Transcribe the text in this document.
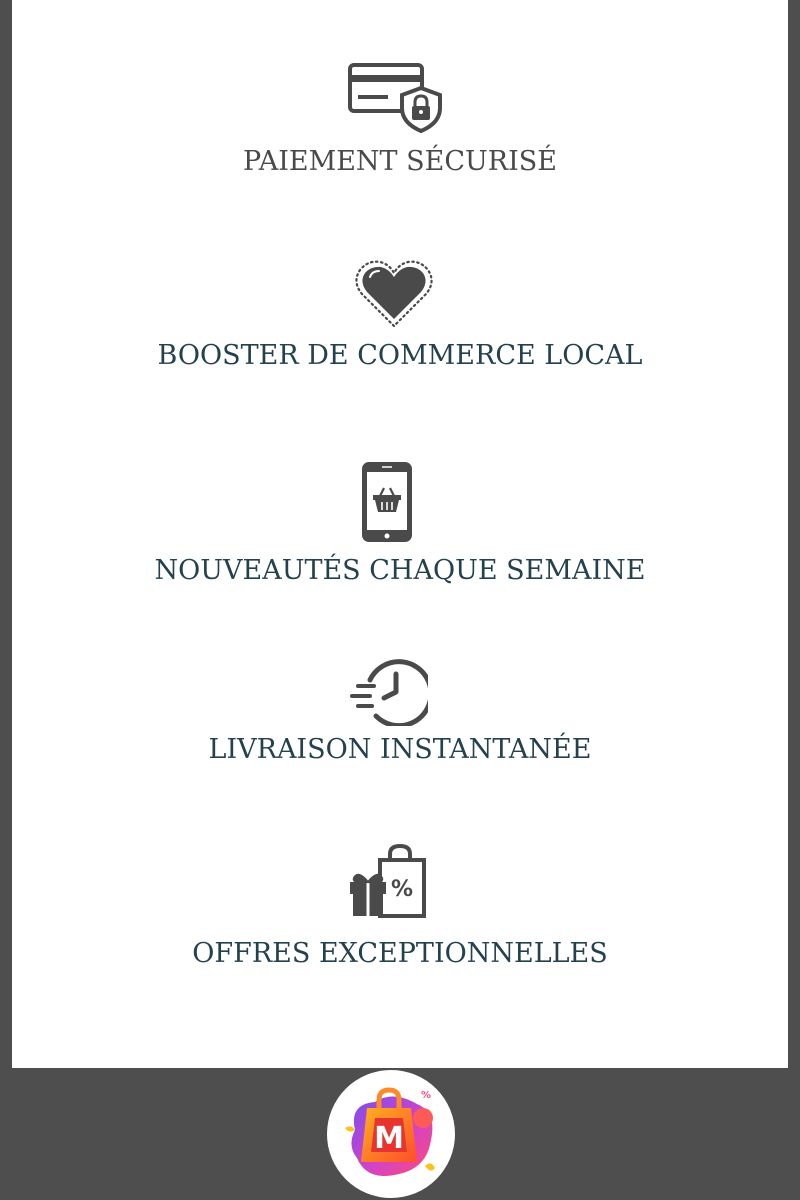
PAIEMENT SÉCURISÉ
BOOSTER DE COMMERCE LOCAL
NOUVEAUTÉS CHAQUE SEMAINE
LIVRAISON INSTANTANÉE
%
OFFRES EXCEPTIONNELLES
M
%
